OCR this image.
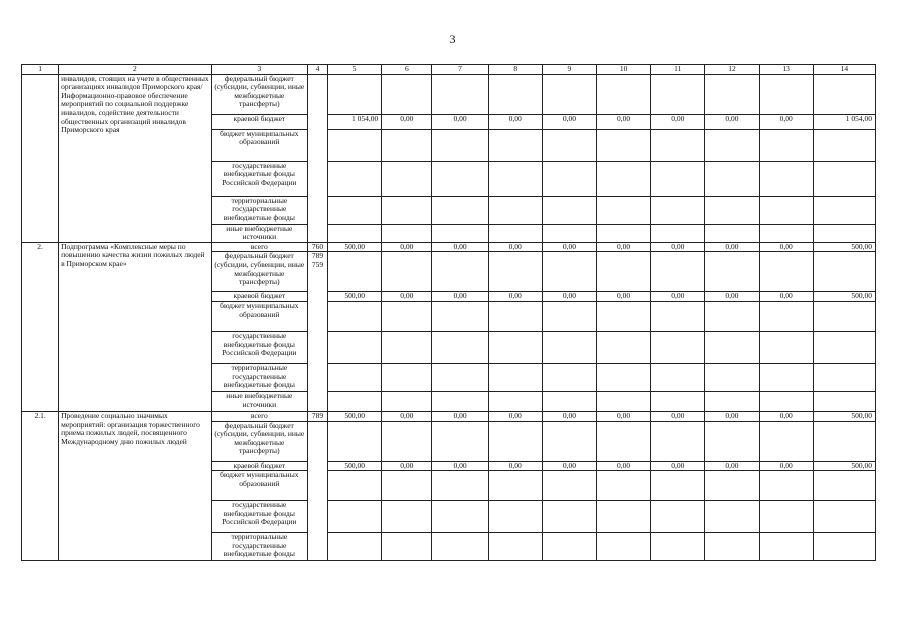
3
1	2	3	4	5	6	7	8	9	10	11	12	13	14
	инвалидов, стоящих на учете в общественных организациях инвалидов Приморского края/ Информационно-правовое обеспечение мероприятий по социальной поддержке инвалидов, содействие деятельности общественных организаций инвалидов Приморского края	федеральный бюджет (субсидии, субвенции, иные межбюджетные трансферты)											
		краевой бюджет		1 054,00	0,00	0,00	0,00	0,00	0,00	0,00	0,00	0,00	1 054,00
		бюджет муниципальных образований											
		государственные внебюджетные фонды Российской Федерации											
		территориальные государственные внебюджетные фонды											
		иные внебюджетные источники											
2.	Подпрограмма «Комплексные меры по повышению качества жизни пожилых людей в Приморском крае»	всего	760	500,00	0,00	0,00	0,00	0,00	0,00	0,00	0,00	0,00	500,00
		федеральный бюджет (субсидии, субвенции, иные межбюджетные трансферты)	789 759										
		краевой бюджет		500,00	0,00	0,00	0,00	0,00	0,00	0,00	0,00	0,00	500,00
		бюджет муниципальных образований											
		государственные внебюджетные фонды Российской Федерации											
		территориальные государственные внебюджетные фонды											
		иные внебюджетные источники											
2.1.	Проведение социально значимых мероприятий: организация торжественного приема пожилых людей, посвященного Международному дню пожилых людей	всего	789	500,00	0,00	0,00	0,00	0,00	0,00	0,00	0,00	0,00	500,00
		федеральный бюджет (субсидии, субвенции, иные межбюджетные трансферты)											
		краевой бюджет		500,00	0,00	0,00	0,00	0,00	0,00	0,00	0,00	0,00	500,00
		бюджет муниципальных образований											
		государственные внебюджетные фонды Российской Федерации											
		территориальные государственные внебюджетные фонды											
